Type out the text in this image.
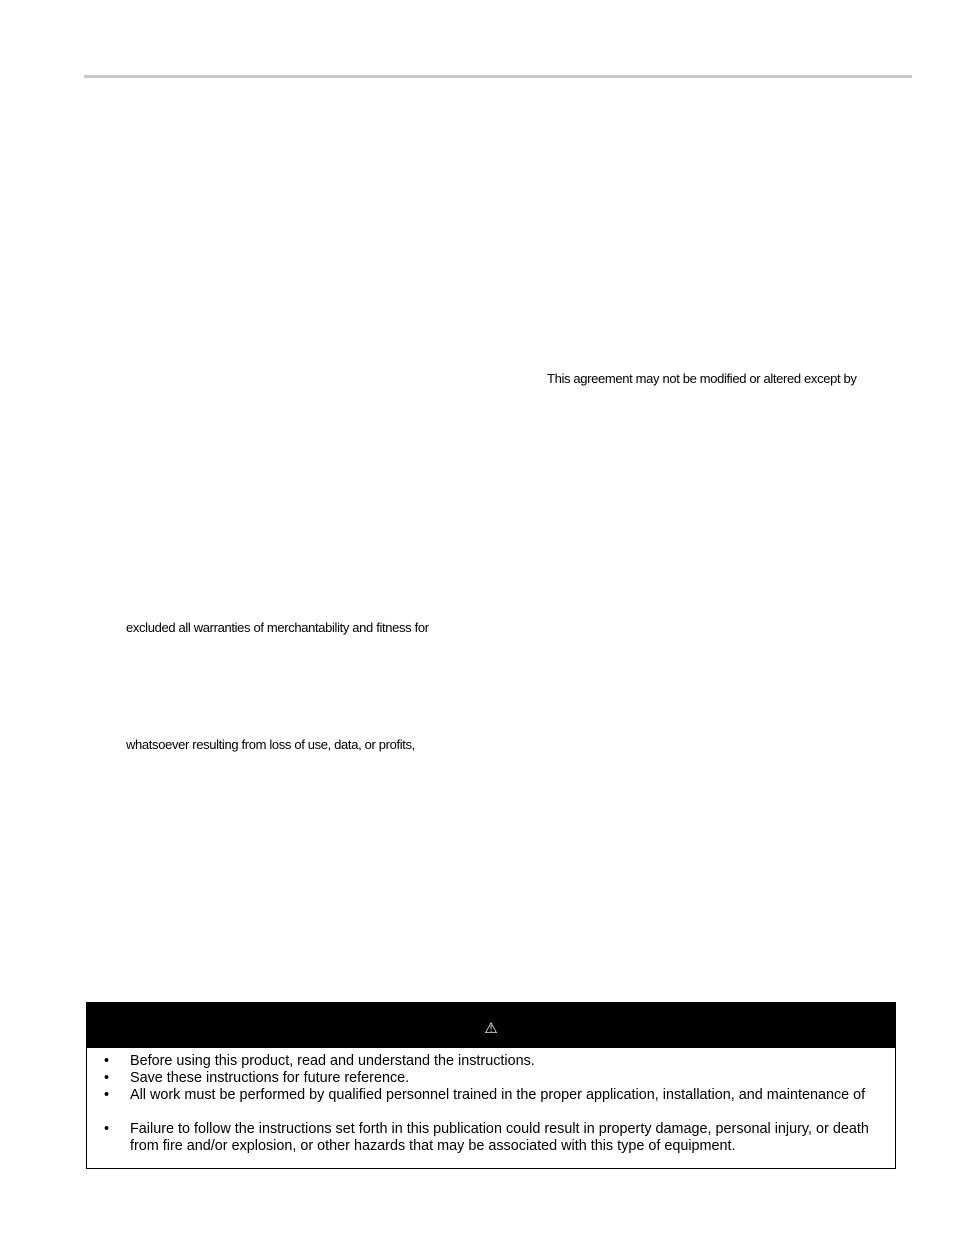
This agreement may not be modified or altered except by
excluded all warranties of merchantability and fitness for
whatsoever resulting from loss of use, data, or profits,
⚠
• Before using this product, read and understand the instructions.
• Save these instructions for future reference.
• All work must be performed by qualified personnel trained in the proper application, installation, and maintenance of
• Failure to follow the instructions set forth in this publication could result in property damage, personal injury, or death from fire and/or explosion, or other hazards that may be associated with this type of equipment.
